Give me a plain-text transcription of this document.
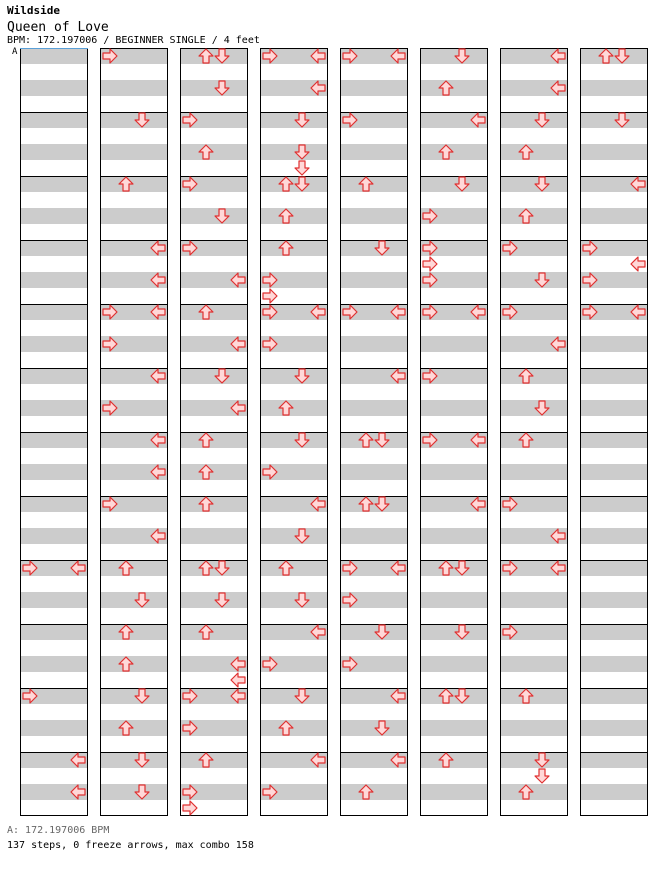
Wildside
Queen of Love
BPM: 172.197006 / BEGINNER SINGLE / 4 feet
A
A: 172.197006 BPM
137 steps, 0 freeze arrows, max combo 158
